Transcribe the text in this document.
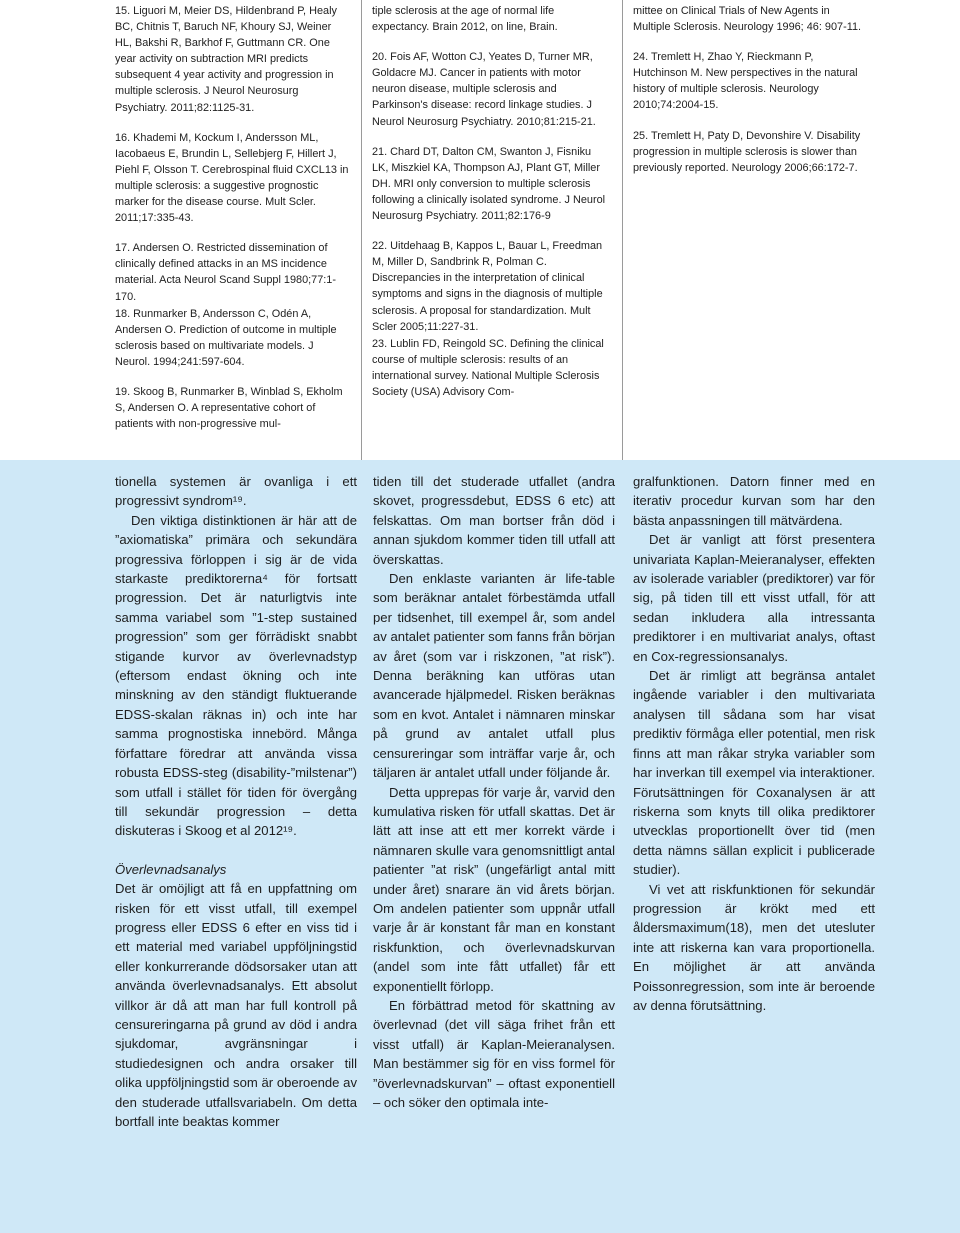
15. Liguori M, Meier DS, Hildenbrand P, Healy BC, Chitnis T, Baruch NF, Khoury SJ, Weiner HL, Bakshi R, Barkhof F, Guttmann CR. One year activity on subtraction MRI predicts subsequent 4 year activity and progression in multiple sclerosis. J Neurol Neurosurg Psychiatry. 2011;82:1125-31.

16. Khademi M, Kockum I, Andersson ML, Iacobaeus E, Brundin L, Sellebjerg F, Hillert J, Piehl F, Olsson T. Cerebrospinal fluid CXCL13 in multiple sclerosis: a suggestive prognostic marker for the disease course. Mult Scler. 2011;17:335-43.

17. Andersen O. Restricted dissemination of clinically defined attacks in an MS incidence material. Acta Neurol Scand Suppl 1980;77:1-170.

18. Runmarker B, Andersson C, Odén A, Andersen O. Prediction of outcome in multiple sclerosis based on multivariate models. J Neurol. 1994;241:597-604.

19. Skoog B, Runmarker B, Winblad S, Ekholm S, Andersen O. A representative cohort of patients with non-progressive mul-

tiple sclerosis at the age of normal life expectancy. Brain 2012, on line, Brain.

20. Fois AF, Wotton CJ, Yeates D, Turner MR, Goldacre MJ. Cancer in patients with motor neuron disease, multiple sclerosis and Parkinson's disease: record linkage studies. J Neurol Neurosurg Psychiatry. 2010;81:215-21.

21. Chard DT, Dalton CM, Swanton J, Fisniku LK, Miszkiel KA, Thompson AJ, Plant GT, Miller DH. MRI only conversion to multiple sclerosis following a clinically isolated syndrome. J Neurol Neurosurg Psychiatry. 2011;82:176-9

22. Uitdehaag B, Kappos L, Bauar L, Freedman M, Miller D, Sandbrink R, Polman C. Discrepancies in the interpretation of clinical symptoms and signs in the diagnosis of multiple sclerosis. A proposal for standardization. Mult Scler 2005;11:227-31.

23. Lublin FD, Reingold SC. Defining the clinical course of multiple sclerosis: results of an international survey. National Multiple Sclerosis Society (USA) Advisory Com-

mittee on Clinical Trials of New Agents in Multiple Sclerosis. Neurology 1996; 46: 907-11.

24. Tremlett H, Zhao Y, Rieckmann P, Hutchinson M. New perspectives in the natural history of multiple sclerosis. Neurology 2010;74:2004-15.

25. Tremlett H, Paty D, Devonshire V. Disability progression in multiple sclerosis is slower than previously reported. Neurology 2006;66:172-7.

tionella systemen är ovanliga i ett progressivt syndrom¹⁹.

Den viktiga distinktionen är här att de ”axiomatiska” primära och sekundära progressiva förloppen i sig är de vida starkaste prediktorerna⁴ för fortsatt progression. Det är naturligtvis inte samma variabel som ”1-step sustained progression” som ger förrädiskt snabbt stigande kurvor av överlevnadstyp (eftersom endast ökning och inte minskning av den ständigt fluktuerande EDSS-skalan räknas in) och inte har samma prognostiska innebörd. Många författare föredrar att använda vissa robusta EDSS-steg (disability-”milstenar”) som utfall i stället för tiden för övergång till sekundär progression – detta diskuteras i Skoog et al 2012¹⁹.

Överlevnadsanalys

Det är omöjligt att få en uppfattning om risken för ett visst utfall, till exempel progress eller EDSS 6 efter en viss tid i ett material med variabel uppföljningstid eller konkurrerande dödsorsaker utan att använda överlevnadsanalys. Ett absolut villkor är då att man har full kontroll på censureringarna på grund av död i andra sjukdomar, avgränsningar i studiedesignen och andra orsaker till olika uppföljningstid som är oberoende av den studerade utfallsvariabeln. Om detta bortfall inte beaktas kommer

tiden till det studerade utfallet (andra skovet, progressdebut, EDSS 6 etc) att felskattas. Om man bortser från död i annan sjukdom kommer tiden till utfall att överskattas.

Den enklaste varianten är life-table som beräknar antalet förbestämda utfall per tidsenhet, till exempel år, som andel av antalet patienter som fanns från början av året (som var i riskzonen, ”at risk”). Denna beräkning kan utföras utan avancerade hjälpmedel. Risken beräknas som en kvot. Antalet i nämnaren minskar på grund av antalet utfall plus censureringar som inträffar varje år, och täljaren är antalet utfall under följande år.

Detta upprepas för varje år, varvid den kumulativa risken för utfall skattas. Det är lätt att inse att ett mer korrekt värde i nämnaren skulle vara genomsnittligt antal patienter ”at risk” (ungefärligt antal mitt under året) snarare än vid årets början. Om andelen patienter som uppnår utfall varje år är konstant får man en konstant riskfunktion, och överlevnadskurvan (andel som inte fått utfallet) får ett exponentiellt förlopp.

En förbättrad metod för skattning av överlevnad (det vill säga frihet från ett visst utfall) är Kaplan-Meieranalysen. Man bestämmer sig för en viss formel för ”överlevnadskurvan” – oftast exponentiell – och söker den optimala inte-

gralfunktionen. Datorn finner med en iterativ procedur kurvan som har den bästa anpassningen till mätvärdena.

Det är vanligt att först presentera univariata Kaplan-Meieranalyser, effekten av isolerade variabler (prediktorer) var för sig, på tiden till ett visst utfall, för att sedan inkludera alla intressanta prediktorer i en multivariat analys, oftast en Cox-regressionsanalys.

Det är rimligt att begränsa antalet ingående variabler i den multivariata analysen till sådana som har visat prediktiv förmåga eller potential, men risk finns att man råkar stryka variabler som har inverkan till exempel via interaktioner. Förutsättningen för Coxanalysen är att riskerna som knyts till olika prediktorer utvecklas proportionellt över tid (men detta nämns sällan explicit i publicerade studier).

Vi vet att riskfunktionen för sekundär progression är krökt med ett åldersmaximum(18), men det utesluter inte att riskerna kan vara proportionella. En möjlighet är att använda Poissonregression, som inte är beroende av denna förutsättning.
